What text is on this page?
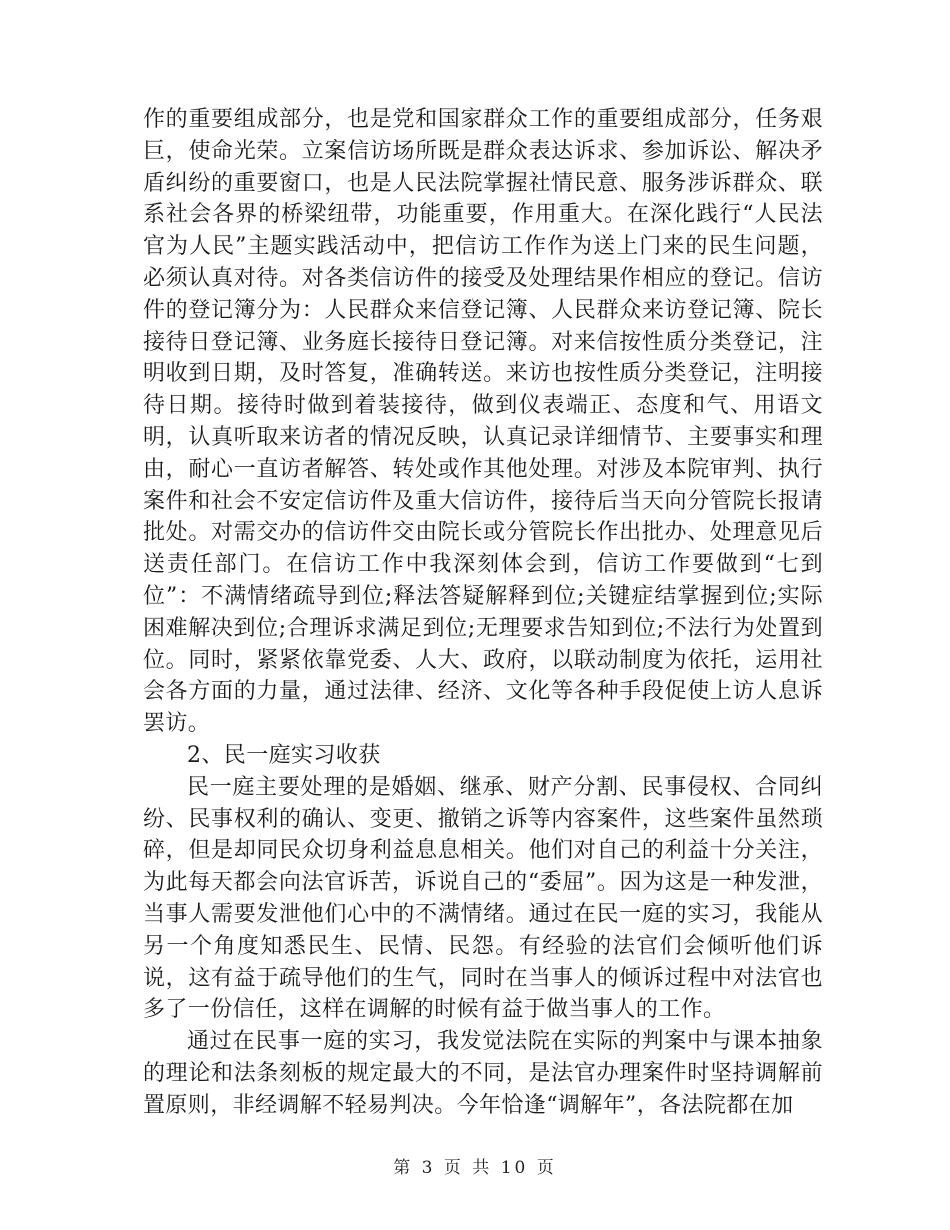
作的重要组成部分，也是党和国家群众工作的重要组成部分，任务艰巨，使命光荣。立案信访场所既是群众表达诉求、参加诉讼、解决矛盾纠纷的重要窗口，也是人民法院掌握社情民意、服务涉诉群众、联系社会各界的桥梁纽带，功能重要，作用重大。在深化践行“人民法官为人民”主题实践活动中，把信访工作作为送上门来的民生问题，必须认真对待。对各类信访件的接受及处理结果作相应的登记。信访件的登记簿分为：人民群众来信登记簿、人民群众来访登记簿、院长接待日登记簿、业务庭长接待日登记簿。对来信按性质分类登记，注明收到日期，及时答复，准确转送。来访也按性质分类登记，注明接待日期。接待时做到着装接待，做到仪表端正、态度和气、用语文明，认真听取来访者的情况反映，认真记录详细情节、主要事实和理由，耐心一直访者解答、转处或作其他处理。对涉及本院审判、执行案件和社会不安定信访件及重大信访件，接待后当天向分管院长报请批处。对需交办的信访件交由院长或分管院长作出批办、处理意见后送责任部门。在信访工作中我深刻体会到，信访工作要做到“七到位”：不满情绪疏导到位;释法答疑解释到位;关键症结掌握到位;实际困难解决到位;合理诉求满足到位;无理要求告知到位;不法行为处置到位。同时，紧紧依靠党委、人大、政府，以联动制度为依托，运用社会各方面的力量，通过法律、经济、文化等各种手段促使上访人息诉罢访。

2、民一庭实习收获

民一庭主要处理的是婚姻、继承、财产分割、民事侵权、合同纠纷、民事权利的确认、变更、撤销之诉等内容案件，这些案件虽然琐碎，但是却同民众切身利益息息相关。他们对自己的利益十分关注，为此每天都会向法官诉苦，诉说自己的“委屈”。因为这是一种发泄，当事人需要发泄他们心中的不满情绪。通过在民一庭的实习，我能从另一个角度知悉民生、民情、民怨。有经验的法官们会倾听他们诉说，这有益于疏导他们的生气，同时在当事人的倾诉过程中对法官也多了一份信任，这样在调解的时候有益于做当事人的工作。

通过在民事一庭的实习，我发觉法院在实际的判案中与课本抽象的理论和法条刻板的规定最大的不同，是法官办理案件时坚持调解前置原则，非经调解不轻易判决。今年恰逢“调解年”，各法院都在加

第 3 页 共 10 页
